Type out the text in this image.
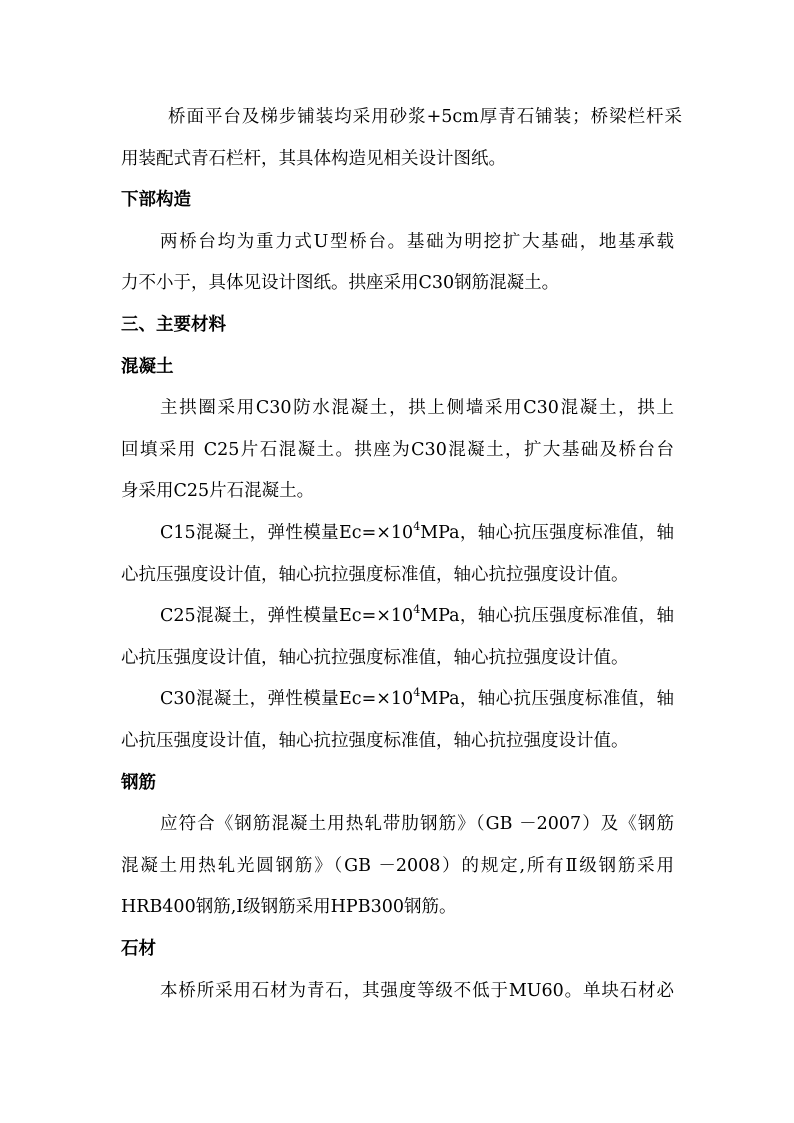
桥面平台及梯步铺装均采用砂浆+5cm厚青石铺装；桥梁栏杆采
用装配式青石栏杆，其具体构造见相关设计图纸。
下部构造
两桥台均为重力式U型桥台。基础为明挖扩大基础，地基承载
力不小于，具体见设计图纸。拱座采用C30钢筋混凝土。
三、主要材料
混凝土
主拱圈采用C30防水混凝土，拱上侧墙采用C30混凝土，拱上
回填采用 C25片石混凝土。拱座为C30混凝土，扩大基础及桥台台
身采用C25片石混凝土。
C15混凝土，弹性模量$Ec=\times 10^4MPa$，轴心抗压强度标准值，轴
心抗压强度设计值，轴心抗拉强度标准值，轴心抗拉强度设计值。
C25混凝土，弹性模量$Ec=\times 10^4MPa$，轴心抗压强度标准值，轴
心抗压强度设计值，轴心抗拉强度标准值，轴心抗拉强度设计值。
C30混凝土，弹性模量$Ec=\times 10^4MPa$，轴心抗压强度标准值，轴
心抗压强度设计值，轴心抗拉强度标准值，轴心抗拉强度设计值。
钢筋
应符合《钢筋混凝土用热轧带肋钢筋》（GB －2007）及《钢筋
混凝土用热轧光圆钢筋》（GB －2008）的规定,所有Ⅱ级钢筋采用
HRB400钢筋,Ⅰ级钢筋采用HPB300钢筋。
石材
本桥所采用石材为青石，其强度等级不低于MU60。单块石材必
